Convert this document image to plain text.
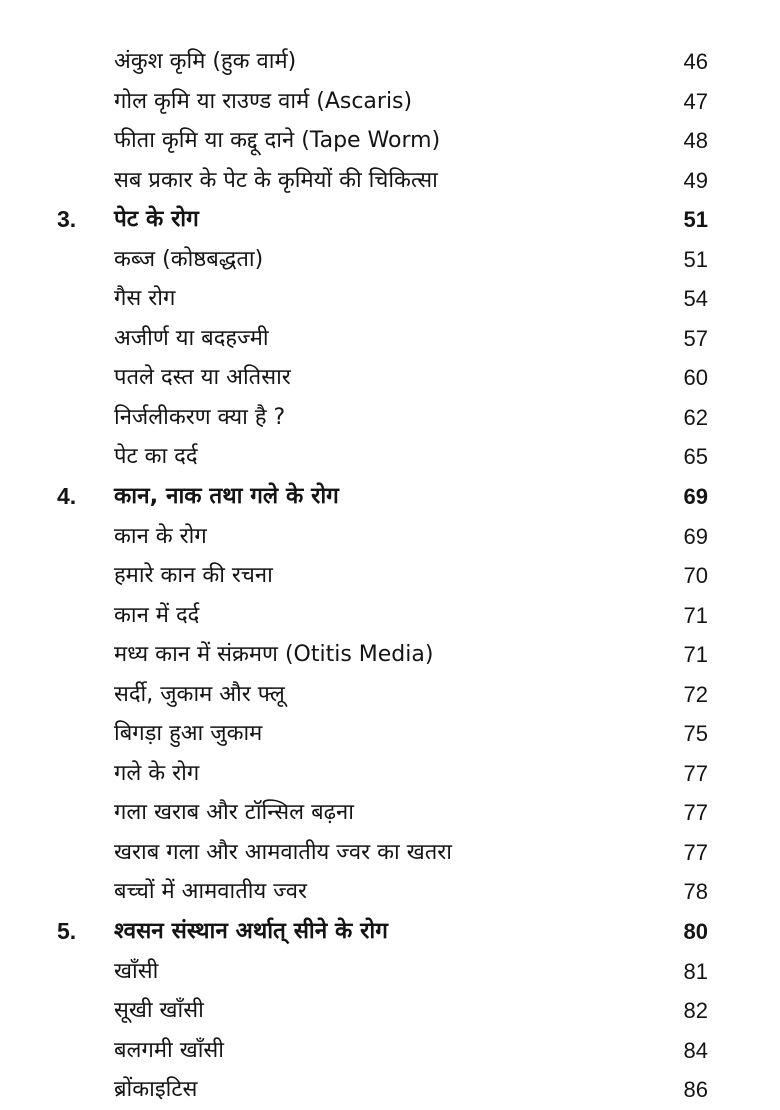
अंकुश कृमि (हुक वार्म)	46
गोल कृमि या राउण्ड वार्म (Ascaris)	47
फीता कृमि या कद्दू दाने (Tape Worm)	48
सब प्रकार के पेट के कृमियों की चिकित्सा	49
3. पेट के रोग	51
कब्ज (कोष्ठबद्धता)	51
गैस रोग	54
अजीर्ण या बदहज्मी	57
पतले दस्त या अतिसार	60
निर्जलीकरण क्या है ?	62
पेट का दर्द	65
4. कान, नाक तथा गले के रोग	69
कान के रोग	69
हमारे कान की रचना	70
कान में दर्द	71
मध्य कान में संक्रमण (Otitis Media)	71
सर्दी, जुकाम और फ्लू	72
बिगड़ा हुआ जुकाम	75
गले के रोग	77
गला खराब और टॉन्सिल बढ़ना	77
खराब गला और आमवातीय ज्वर का खतरा	77
बच्चों में आमवातीय ज्वर	78
5. श्वसन संस्थान अर्थात् सीने के रोग	80
खाँसी	81
सूखी खाँसी	82
बलगमी खाँसी	84
ब्रोंकाइटिस	86
